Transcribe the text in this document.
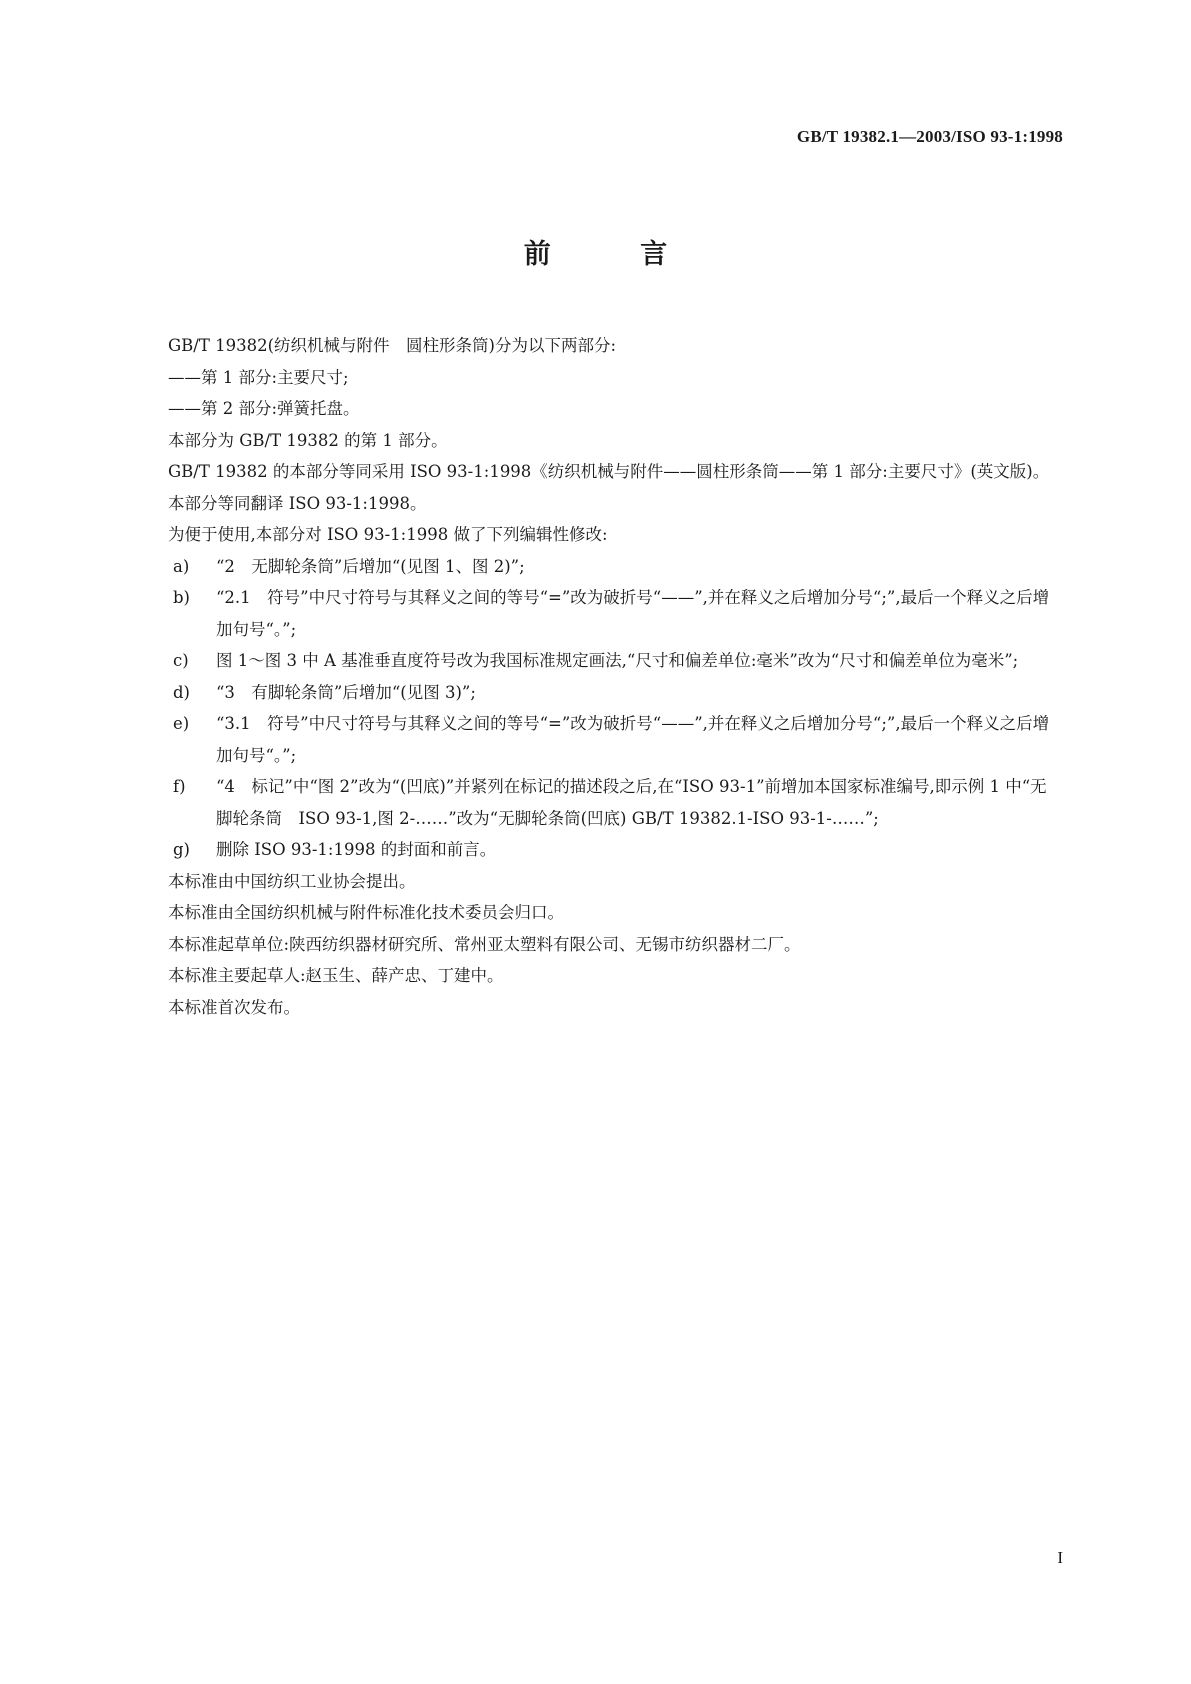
GB/T 19382.1—2003/ISO 93-1:1998
前 言

GB/T 19382(纺织机械与附件　圆柱形条筒)分为以下两部分:

——第 1 部分:主要尺寸;

——第 2 部分:弹簧托盘。

本部分为 GB/T 19382 的第 1 部分。

GB/T 19382 的本部分等同采用 ISO 93-1:1998《纺织机械与附件——圆柱形条筒——第 1 部分:主要尺寸》(英文版)。

本部分等同翻译 ISO 93-1:1998。

为便于使用,本部分对 ISO 93-1:1998 做了下列编辑性修改:

a) “2　无脚轮条筒”后增加“(见图 1、图 2)”;
b) “2.1　符号”中尺寸符号与其释义之间的等号“=”改为破折号“——”,并在释义之后增加分号“;”,最后一个释义之后增加句号“。”;
c) 图 1～图 3 中 A 基准垂直度符号改为我国标准规定画法,“尺寸和偏差单位:毫米”改为“尺寸和偏差单位为毫米”;
d) “3　有脚轮条筒”后增加“(见图 3)”;
e) “3.1　符号”中尺寸符号与其释义之间的等号“=”改为破折号“——”,并在释义之后增加分号“;”,最后一个释义之后增加句号“。”;
f) “4　标记”中“图 2”改为“(凹底)”并紧列在标记的描述段之后,在“ISO 93-1”前增加本国家标准编号,即示例 1 中“无脚轮条筒　ISO 93-1,图 2-……”改为“无脚轮条筒(凹底) GB/T 19382.1-ISO 93-1-……”;
g) 删除 ISO 93-1:1998 的封面和前言。

本标准由中国纺织工业协会提出。

本标准由全国纺织机械与附件标准化技术委员会归口。

本标准起草单位:陕西纺织器材研究所、常州亚太塑料有限公司、无锡市纺织器材二厂。

本标准主要起草人:赵玉生、薛产忠、丁建中。

本标准首次发布。

I
